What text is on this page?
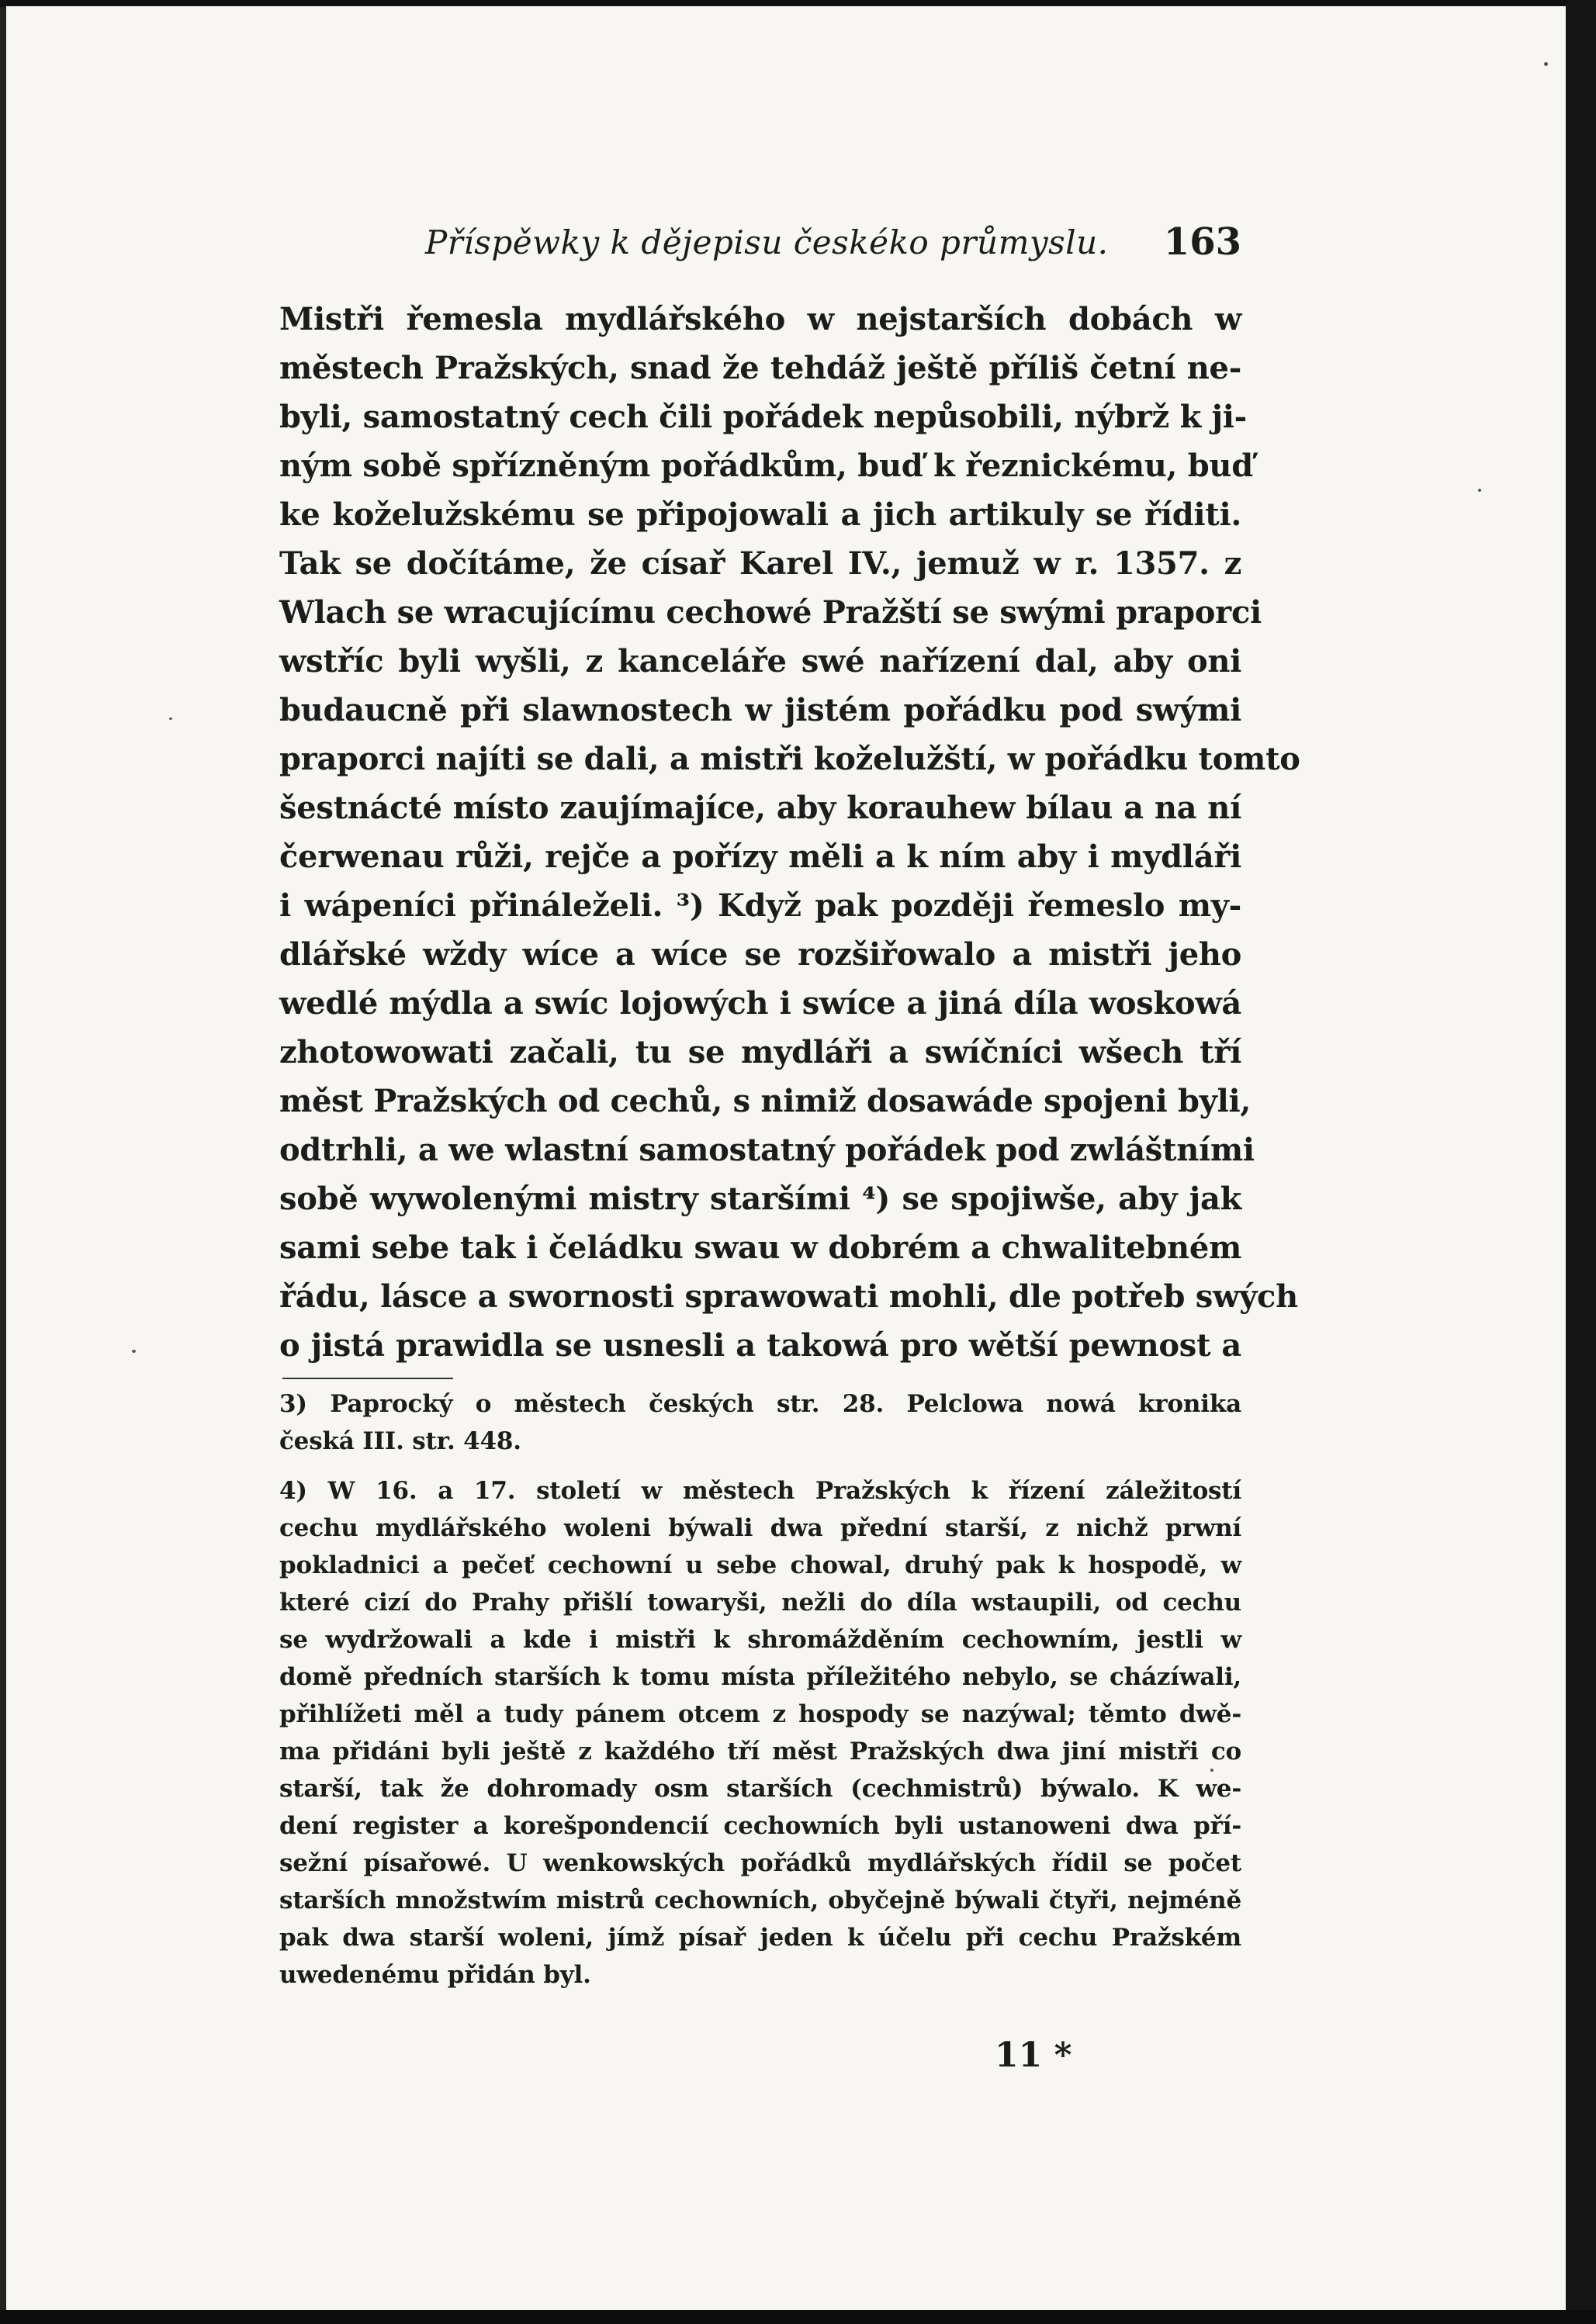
Příspěwky k dějepisu českéko průmyslu. 163
Mistři řemesla mydlářského w nejstarších dobách w
městech Pražských, snad že tehdáž ještě příliš četní ne-
byli, samostatný cech čili pořádek nepůsobili, nýbrž k ji-
ným sobě spřízněným pořádkům, buď k řeznickému, buď
ke koželužskému se připojowali a jich artikuly se říditi.
Tak se dočítáme, že císař Karel IV., jemuž w r. 1357. z
Wlach se wracujícímu cechowé Pražští se swými praporci
wstříc byli wyšli, z kanceláře swé nařízení dal, aby oni
budaucně při slawnostech w jistém pořádku pod swými
praporci najíti se dali, a mistři koželužští, w pořádku tomto
šestnácté místo zaujímajíce, aby korauhew bílau a na ní
čerwenau růži, rejče a pořízy měli a k ním aby i mydláři
i wápeníci přináleželi. ³) Když pak později řemeslo my-
dlářské wždy wíce a wíce se rozšiřowalo a mistři jeho
wedlé mýdla a swíc lojowých i swíce a jiná díla woskowá
zhotowowati začali, tu se mydláři a swíčníci wšech tří
měst Pražských od cechů, s nimiž dosawáde spojeni byli,
odtrhli, a we wlastní samostatný pořádek pod zwláštními
sobě wywolenými mistry staršími ⁴) se spojiwše, aby jak
sami sebe tak i čeládku swau w dobrém a chwalitebném
řádu, lásce a swornosti sprawowati mohli, dle potřeb swých
o jistá prawidla se usnesli a takowá pro wětší pewnost a
3) Paprocký o městech českých str. 28. Pelclowa nowá kronika
česká III. str. 448.
4) W 16. a 17. století w městech Pražských k řízení záležitostí
cechu mydlářského woleni býwali dwa přední starší, z nichž prwní
pokladnici a pečeť cechowní u sebe chowal, druhý pak k hospodě, w
které cizí do Prahy přišlí towaryši, nežli do díla wstaupili, od cechu
se wydržowali a kde i mistři k shromážděním cechowním, jestli w
domě předních starších k tomu místa příležitého nebylo, se cházíwali,
přihlížeti měl a tudy pánem otcem z hospody se nazýwal; těmto dwě-
ma přidáni byli ještě z každého tří měst Pražských dwa jiní mistři co
starší, tak že dohromady osm starších (cechmistrů) býwalo. K we-
dení register a korešpondencií cechowních byli ustanoweni dwa pří-
sežní písařowé. U wenkowských pořádků mydlářských řídil se počet
starších množstwím mistrů cechowních, obyčejně býwali čtyři, nejméně
pak dwa starší woleni, jímž písař jeden k účelu při cechu Pražském
uwedenému přidán byl.
11 *
